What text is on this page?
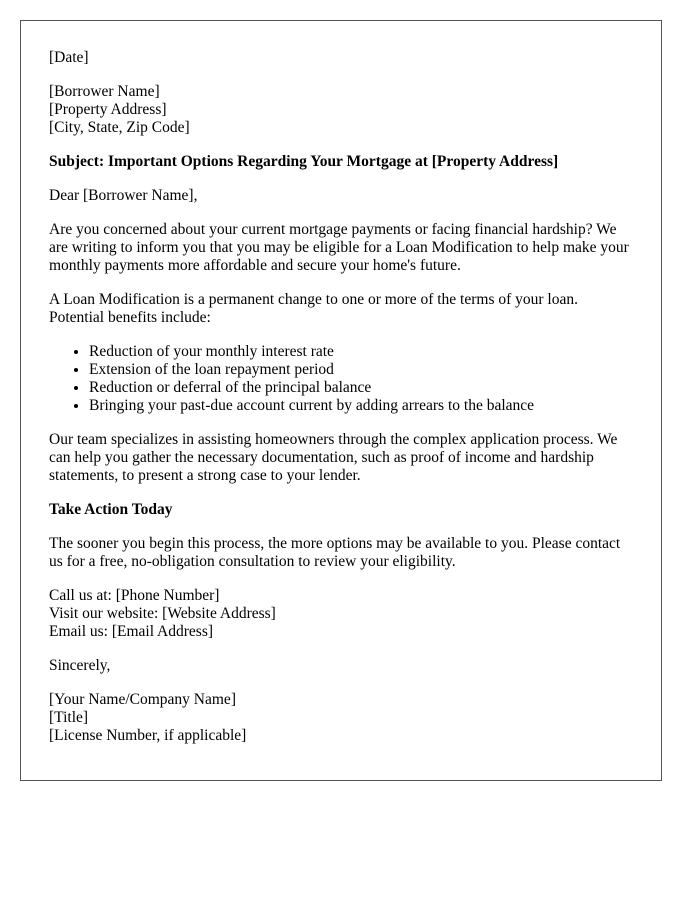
[Date]
[Borrower Name]
[Property Address]
[City, State, Zip Code]
Subject: Important Options Regarding Your Mortgage at [Property Address]
Dear [Borrower Name],
Are you concerned about your current mortgage payments or facing financial hardship? We are writing to inform you that you may be eligible for a Loan Modification to help make your monthly payments more affordable and secure your home's future.
A Loan Modification is a permanent change to one or more of the terms of your loan. Potential benefits include:
• Reduction of your monthly interest rate
• Extension of the loan repayment period
• Reduction or deferral of the principal balance
• Bringing your past-due account current by adding arrears to the balance
Our team specializes in assisting homeowners through the complex application process. We can help you gather the necessary documentation, such as proof of income and hardship statements, to present a strong case to your lender.
Take Action Today
The sooner you begin this process, the more options may be available to you. Please contact us for a free, no-obligation consultation to review your eligibility.
Call us at: [Phone Number]
Visit our website: [Website Address]
Email us: [Email Address]
Sincerely,
[Your Name/Company Name]
[Title]
[License Number, if applicable]
